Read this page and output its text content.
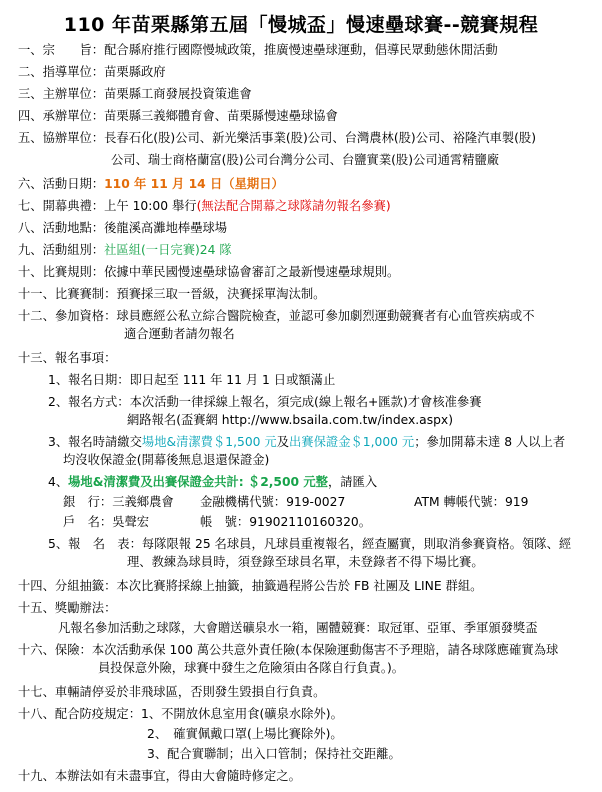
110 年苗栗縣第五屆「慢城盃」慢速壘球賽--競賽規程
一、宗　　旨：配合縣府推行國際慢城政策，推廣慢速壘球運動，倡導民眾動態休閒活動
二、指導單位：苗栗縣政府
三、主辦單位：苗栗縣工商發展投資策進會
四、承辦單位：苗栗縣三義鄉體育會、苗栗縣慢速壘球協會
五、協辦單位：長春石化(股)公司、新光樂活事業(股)公司、台灣農林(股)公司、裕隆汽車製(股)
公司、瑞士商格蘭富(股)公司台灣分公司、台鹽實業(股)公司通霄精鹽廠
六、活動日期：110 年 11 月 14 日（星期日）
七、開幕典禮：上午 10:00 舉行(無法配合開幕之球隊請勿報名參賽)
八、活動地點：後龍溪高灘地棒壘球場
九、活動組別：社區組(一日完賽)24 隊
十、比賽規則：依據中華民國慢速壘球協會審訂之最新慢速壘球規則。
十一、比賽賽制：預賽採三取一晉級，決賽採單淘汰制。
十二、參加資格：球員應經公私立綜合醫院檢查，並認可參加劇烈運動競賽者有心血管疾病或不
適合運動者請勿報名
十三、報名事項：
1、報名日期：即日起至 111 年 11 月 1 日或額滿止
2、報名方式：本次活動一律採線上報名，須完成(線上報名+匯款)才會核准參賽
網路報名(盃賽網 http://www.bsaila.com.tw/index.aspx)
3、報名時請繳交場地&清潔費＄1,500 元及出賽保證金＄1,000 元；參加開幕未達 8 人以上者
均沒收保證金(開幕後無息退還保證金)
4、場地&清潔費及出賽保證金共計: ＄2,500 元整，請匯入
銀　行：三義鄉農會 金融機構代號：919-0027	ATM 轉帳代號：919
戶　名：吳聲宏	帳　號：91902110160320。
5、報　名　表：每隊限報 25 名球員，凡球員重複報名，經查屬實，則取消參賽資格。領隊、經
理、教練為球員時，須登錄至球員名單，未登錄者不得下場比賽。
十四、分組抽籤：本次比賽將採線上抽籤，抽籤過程將公告於 FB 社團及 LINE 群組。
十五、獎勵辦法：
凡報名參加活動之球隊，大會贈送礦泉水一箱，團體競賽：取冠軍、亞軍、季軍頒發獎盃
十六、保險：本次活動承保 100 萬公共意外責任險(本保險運動傷害不予理賠，請各球隊應確實為球
員投保意外險，球賽中發生之危險須由各隊自行負責。)。
十七、車輛請停妥於非飛球區，否則發生毀損自行負責。
十八、配合防疫規定：1、不開放休息室用食(礦泉水除外)。
2、　確實佩戴口罩(上場比賽除外)。
3、配合實聯制；出入口管制；保持社交距離。
十九、本辦法如有未盡事宜，得由大會隨時修定之。
